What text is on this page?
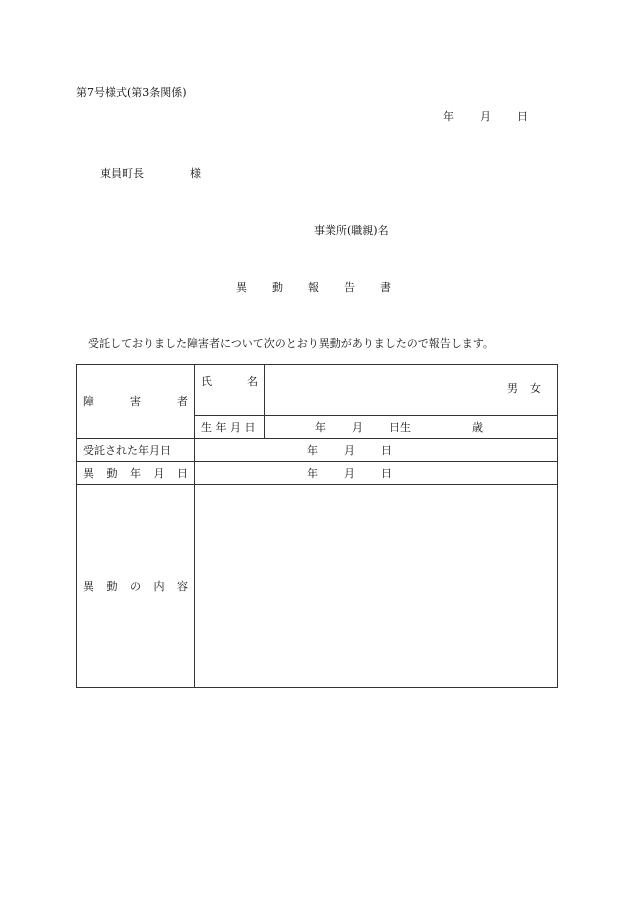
第7号様式(第3条関係)
年 月 日
東員町長	様
事業所(職親)名
異 動 報 告 書
受託しておりました障害者について次のとおり異動がありましたので報告します。
障 害 者	氏 名	男 女
	生 年 月 日	年 月 日生 歳

受託された年月日	年 月 日	

異 動 年 月 日	年 月 日	

異 動 の 内 容		
